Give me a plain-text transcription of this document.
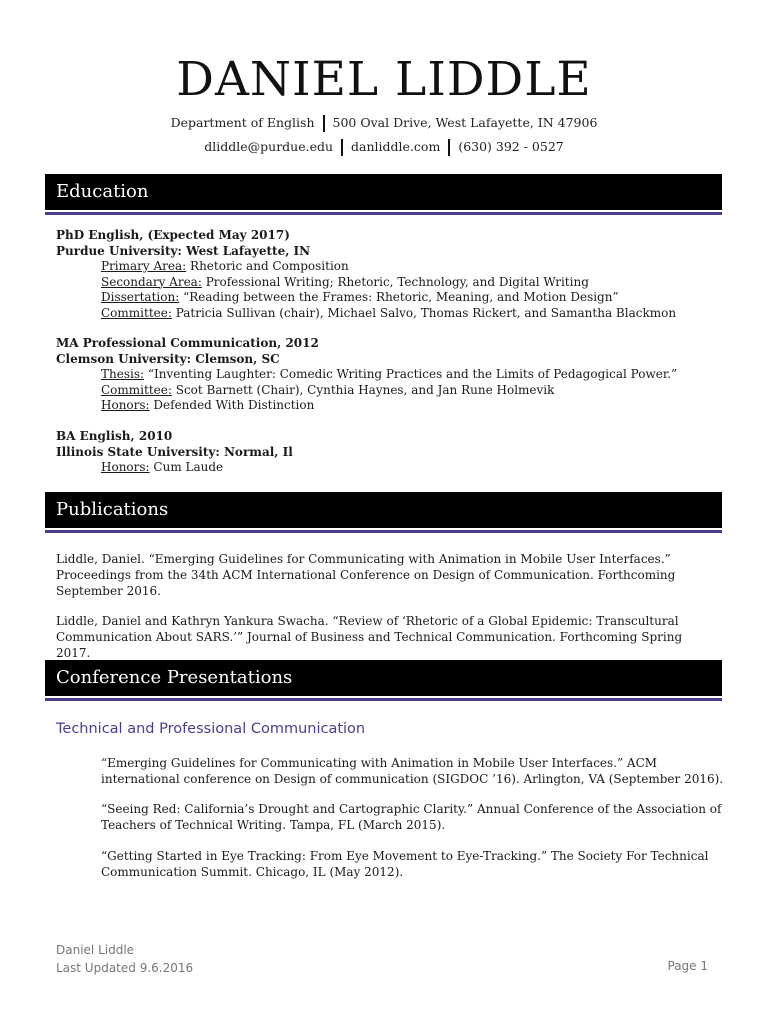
DANIEL LIDDLE
Department of English 500 Oval Drive, West Lafayette, IN 47906
dliddle@purdue.edu danliddle.com (630) 392 - 0527
Education
PhD English, (Expected May 2017)
Purdue University: West Lafayette, IN
Primary Area: Rhetoric and Composition
Secondary Area: Professional Writing; Rhetoric, Technology, and Digital Writing
Dissertation: “Reading between the Frames: Rhetoric, Meaning, and Motion Design”
Committee: Patricia Sullivan (chair), Michael Salvo, Thomas Rickert, and Samantha Blackmon
MA Professional Communication, 2012
Clemson University: Clemson, SC
Thesis: “Inventing Laughter: Comedic Writing Practices and the Limits of Pedagogical Power.”
Committee: Scot Barnett (Chair), Cynthia Haynes, and Jan Rune Holmevik
Honors: Defended With Distinction
BA English, 2010
Illinois State University: Normal, Il
Honors: Cum Laude
Publications
Liddle, Daniel. “Emerging Guidelines for Communicating with Animation in Mobile User Interfaces.” Proceedings from the 34th ACM International Conference on Design of Communication. Forthcoming September 2016.
Liddle, Daniel and Kathryn Yankura Swacha. “Review of ‘Rhetoric of a Global Epidemic: Transcultural Communication About SARS.’” Journal of Business and Technical Communication. Forthcoming Spring 2017.
Conference Presentations
Technical and Professional Communication
“Emerging Guidelines for Communicating with Animation in Mobile User Interfaces.” ACM international conference on Design of communication (SIGDOC ’16). Arlington, VA (September 2016).
“Seeing Red: California’s Drought and Cartographic Clarity.” Annual Conference of the Association of Teachers of Technical Writing. Tampa, FL (March 2015).
“Getting Started in Eye Tracking: From Eye Movement to Eye-Tracking.” The Society For Technical Communication Summit. Chicago, IL (May 2012).
Daniel Liddle
Last Updated 9.6.2016	Page 1
